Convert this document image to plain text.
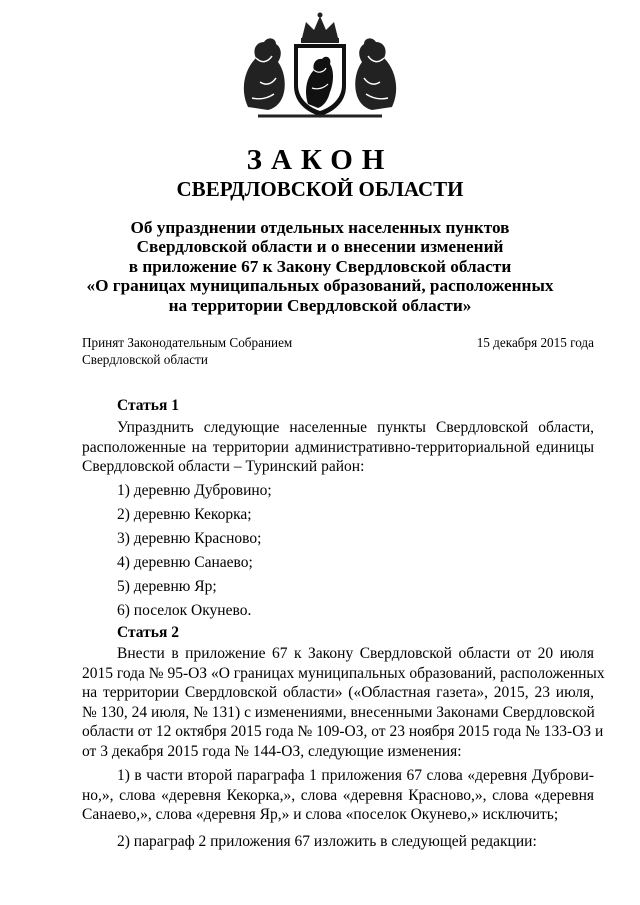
ЗАКОН
СВЕРДЛОВСКОЙ ОБЛАСТИ
Об упразднении отдельных населенных пунктов
Свердловской области и о внесении изменений
в приложение 67 к Закону Свердловской области
«О границах муниципальных образований, расположенных
на территории Свердловской области»
Принят Законодательным Собранием
Свердловской области
15 декабря 2015 года
Статья 1
Упразднить следующие населенные пункты Свердловской области,
расположенные на территории административно-территориальной единицы
Свердловской области – Туринский район:
1) деревню Дубровино;
2) деревню Кекорка;
3) деревню Красново;
4) деревню Санаево;
5) деревню Яр;
6) поселок Окунево.
Статья 2
Внести в приложение 67 к Закону Свердловской области от 20 июля
2015 года № 95-ОЗ «О границах муниципальных образований, расположенных
на территории Свердловской области» («Областная газета», 2015, 23 июля,
№ 130, 24 июля, № 131) с изменениями, внесенными Законами Свердловской
области от 12 октября 2015 года № 109-ОЗ, от 23 ноября 2015 года № 133-ОЗ и
от 3 декабря 2015 года № 144-ОЗ, следующие изменения:
1) в части второй параграфа 1 приложения 67 слова «деревня Дуброви-
но,», слова «деревня Кекорка,», слова «деревня Красново,», слова «деревня
Санаево,», слова «деревня Яр,» и слова «поселок Окунево,» исключить;
2) параграф 2 приложения 67 изложить в следующей редакции:
